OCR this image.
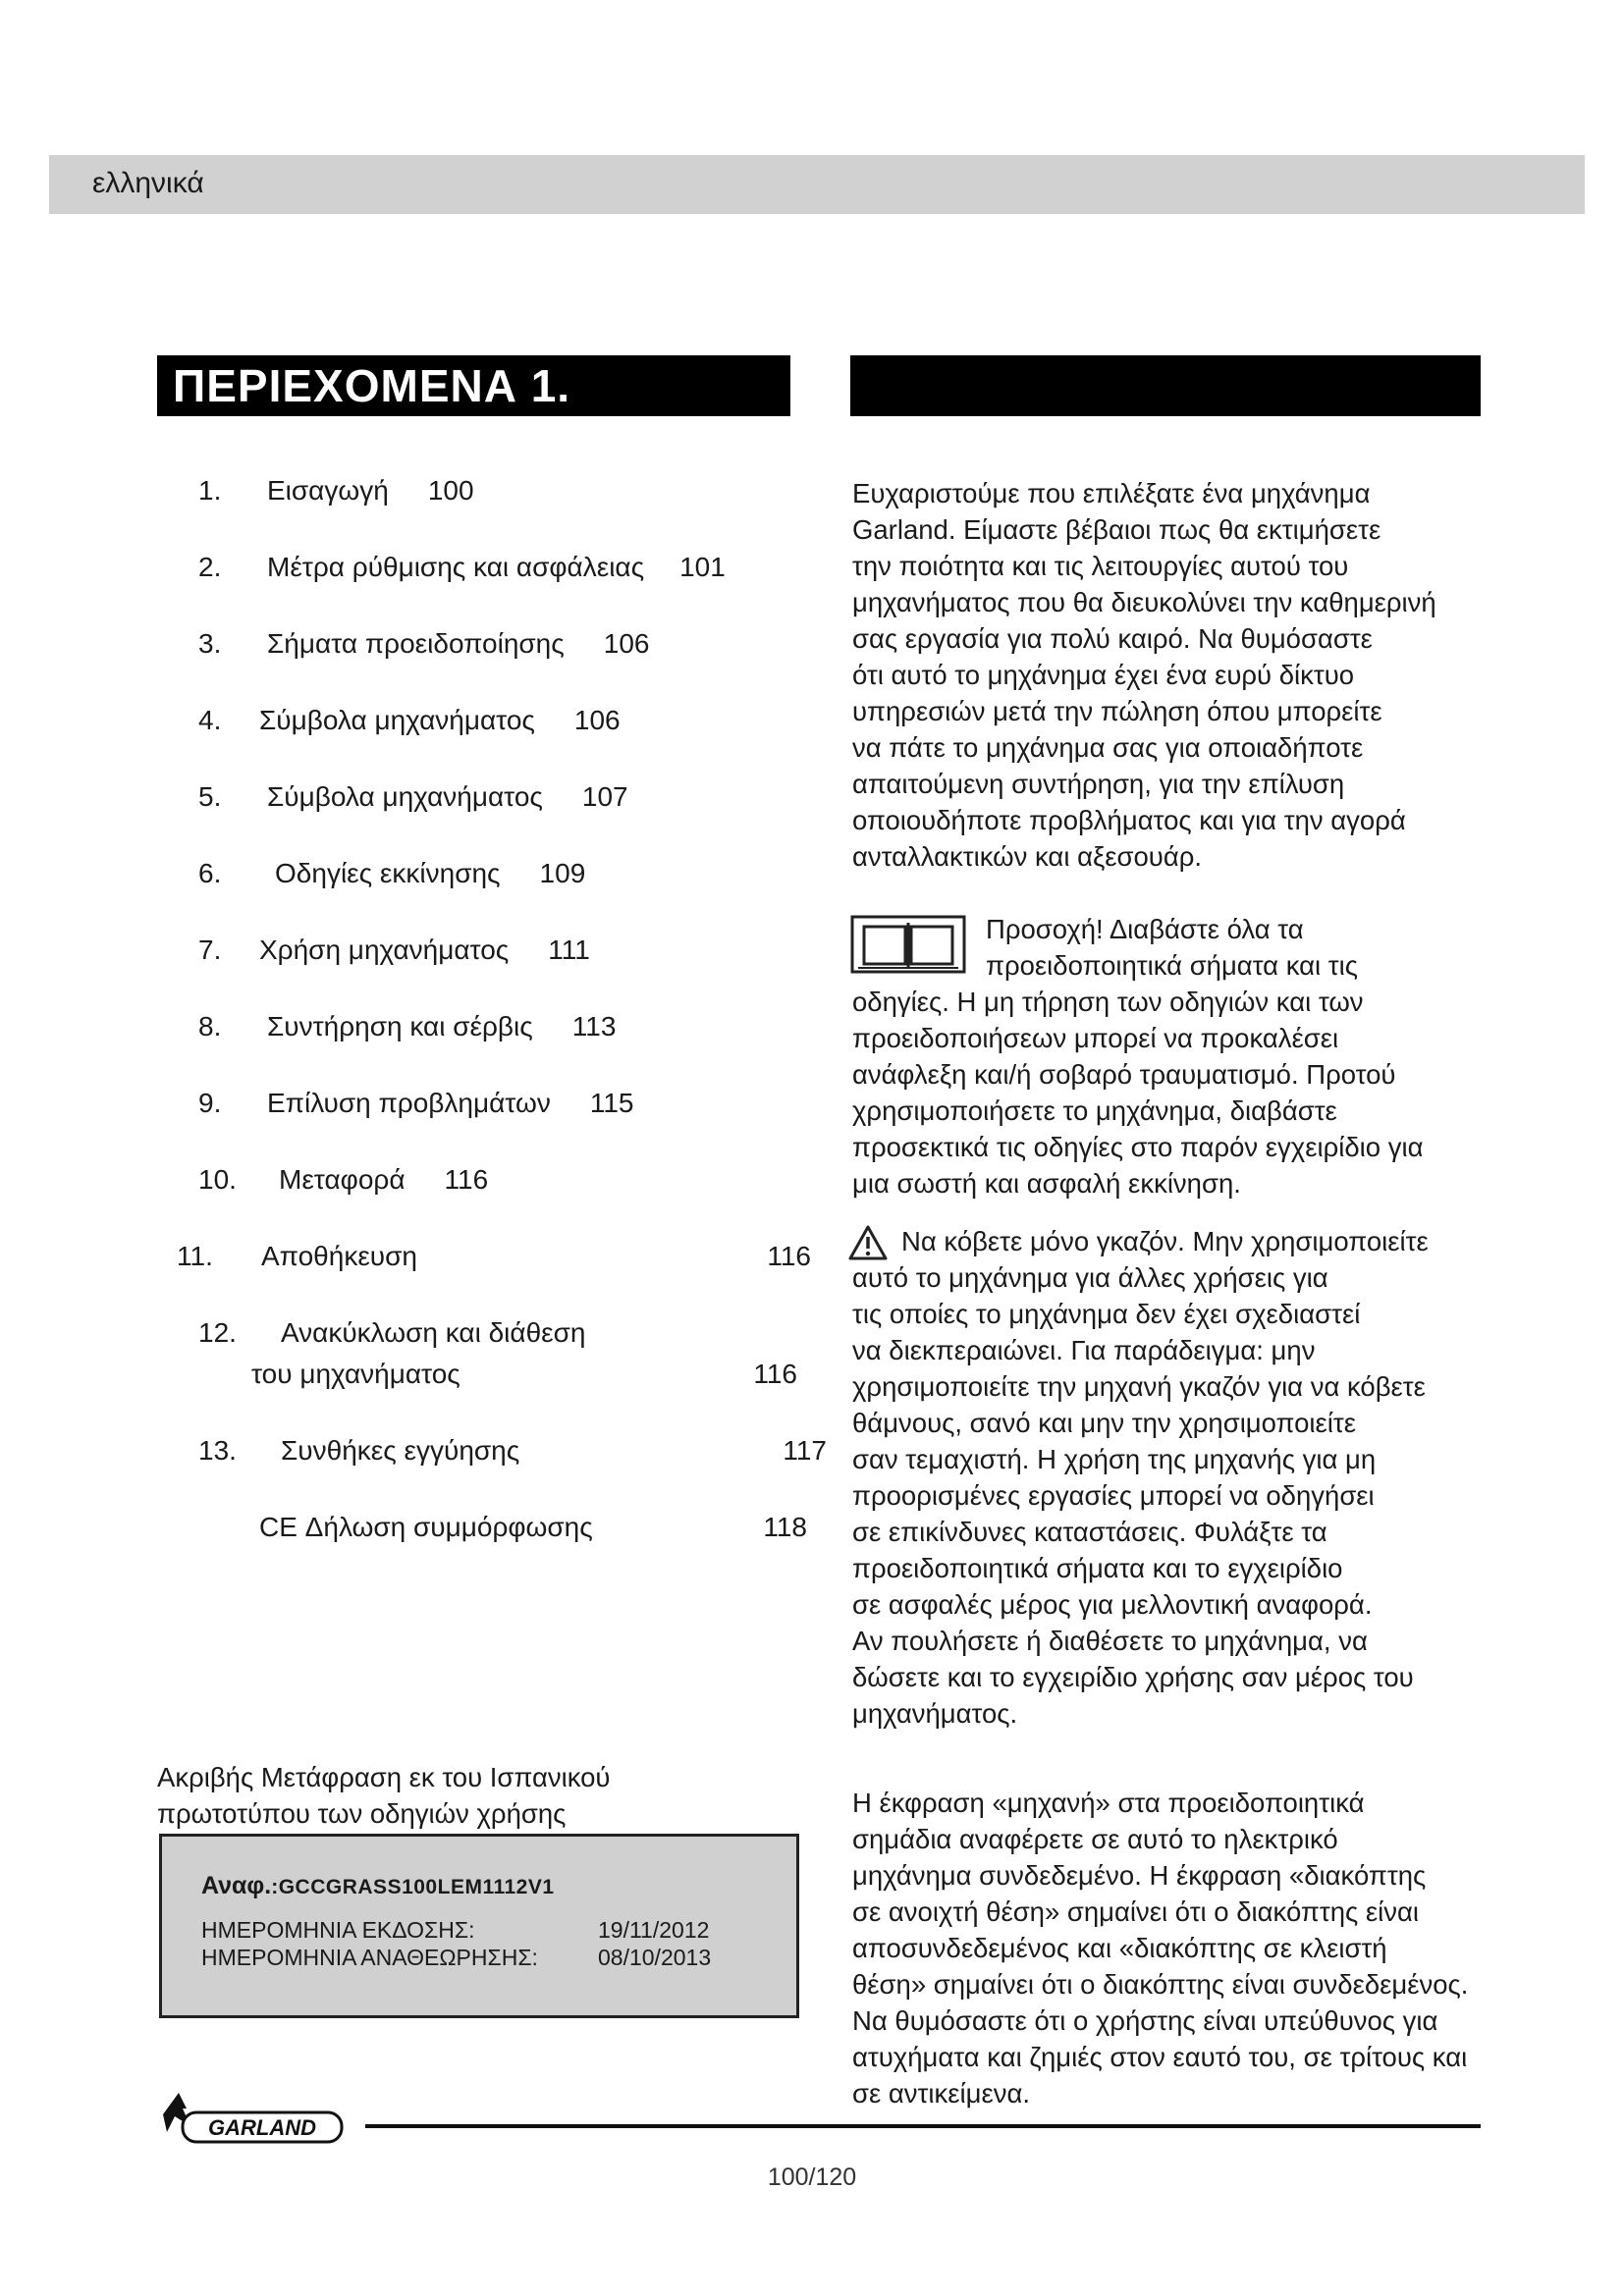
ελληνικά
ΠΕΡΙΕΧΟΜΕΝΑ 1. ΕΙΣΑΓΩΓΗ
1. Εισαγωγή 100
2. Μέτρα ρύθμισης και ασφάλειας 101
3. Σήματα προειδοποίησης 106
4. Σύμβολα μηχανήματος 106
5. Σύμβολα μηχανήματος 107
6. Οδηγίες εκκίνησης 109
7. Χρήση μηχανήματος 111
8. Συντήρηση και σέρβις 113
9. Επίλυση προβλημάτων 115
10. Μεταφορά 116
11. Αποθήκευση	116
12. Ανακύκλωση και διάθεση
του μηχανήματος	116
13. Συνθήκες εγγύησης	117
CE Δήλωση συμμόρφωσης	118

Ευχαριστούμε που επιλέξατε ένα μηχάνημα

Garland. Είμαστε βέβαιοι πως θα εκτιμήσετε

την ποιότητα και τις λειτουργίες αυτού του

μηχανήματος που θα διευκολύνει την καθημερινή

σας εργασία για πολύ καιρό. Να θυμόσαστε

ότι αυτό το μηχάνημα έχει ένα ευρύ δίκτυο

υπηρεσιών μετά την πώληση όπου μπορείτε

να πάτε το μηχάνημα σας για οποιαδήποτε

απαιτούμενη συντήρηση, για την επίλυση

οποιουδήποτε προβλήματος και για την αγορά

ανταλλακτικών και αξεσουάρ.

Προσοχή! Διαβάστε όλα τα

προειδοποιητικά σήματα και τις

οδηγίες. Η μη τήρηση των οδηγιών και των

προειδοποιήσεων μπορεί να προκαλέσει

ανάφλεξη και/ή σοβαρό τραυματισμό. Προτού

χρησιμοποιήσετε το μηχάνημα, διαβάστε

προσεκτικά τις οδηγίες στο παρόν εγχειρίδιο για

μια σωστή και ασφαλή εκκίνηση.

Να κόβετε μόνο γκαζόν. Μην χρησιμοποιείτε

αυτό το μηχάνημα για άλλες χρήσεις για

τις οποίες το μηχάνημα δεν έχει σχεδιαστεί

να διεκπεραιώνει. Για παράδειγμα: μην

χρησιμοποιείτε την μηχανή γκαζόν για να κόβετε

θάμνους, σανό και μην την χρησιμοποιείτε

σαν τεμαχιστή. Η χρήση της μηχανής για μη

προορισμένες εργασίες μπορεί να οδηγήσει

σε επικίνδυνες καταστάσεις. Φυλάξτε τα

προειδοποιητικά σήματα και το εγχειρίδιο

σε ασφαλές μέρος για μελλοντική αναφορά.

Αν πουλήσετε ή διαθέσετε το μηχάνημα, να

δώσετε και το εγχειρίδιο χρήσης σαν μέρος του

μηχανήματος.

Η έκφραση «μηχανή» στα προειδοποιητικά

σημάδια αναφέρετε σε αυτό το ηλεκτρικό

μηχάνημα συνδεδεμένο. Η έκφραση «διακόπτης

σε ανοιχτή θέση» σημαίνει ότι ο διακόπτης είναι

αποσυνδεδεμένος και «διακόπτης σε κλειστή

θέση» σημαίνει ότι ο διακόπτης είναι συνδεδεμένος.

Να θυμόσαστε ότι ο χρήστης είναι υπεύθυνος για

ατυχήματα και ζημιές στον εαυτό του, σε τρίτους και

σε αντικείμενα.

Ακριβής Μετάφραση εκ του Ισπανικού
πρωτοτύπου των οδηγιών χρήσης
Αναφ.:GCCGRASS100LEM1112V1
ΗΜΕΡΟΜΗΝΙΑ ΕΚΔΟΣΗΣ:	19/11/2012
ΗΜΕΡΟΜΗΝΙΑ ΑΝΑΘΕΩΡΗΣΗΣ:	08/10/2013
GARLAND
100/120
